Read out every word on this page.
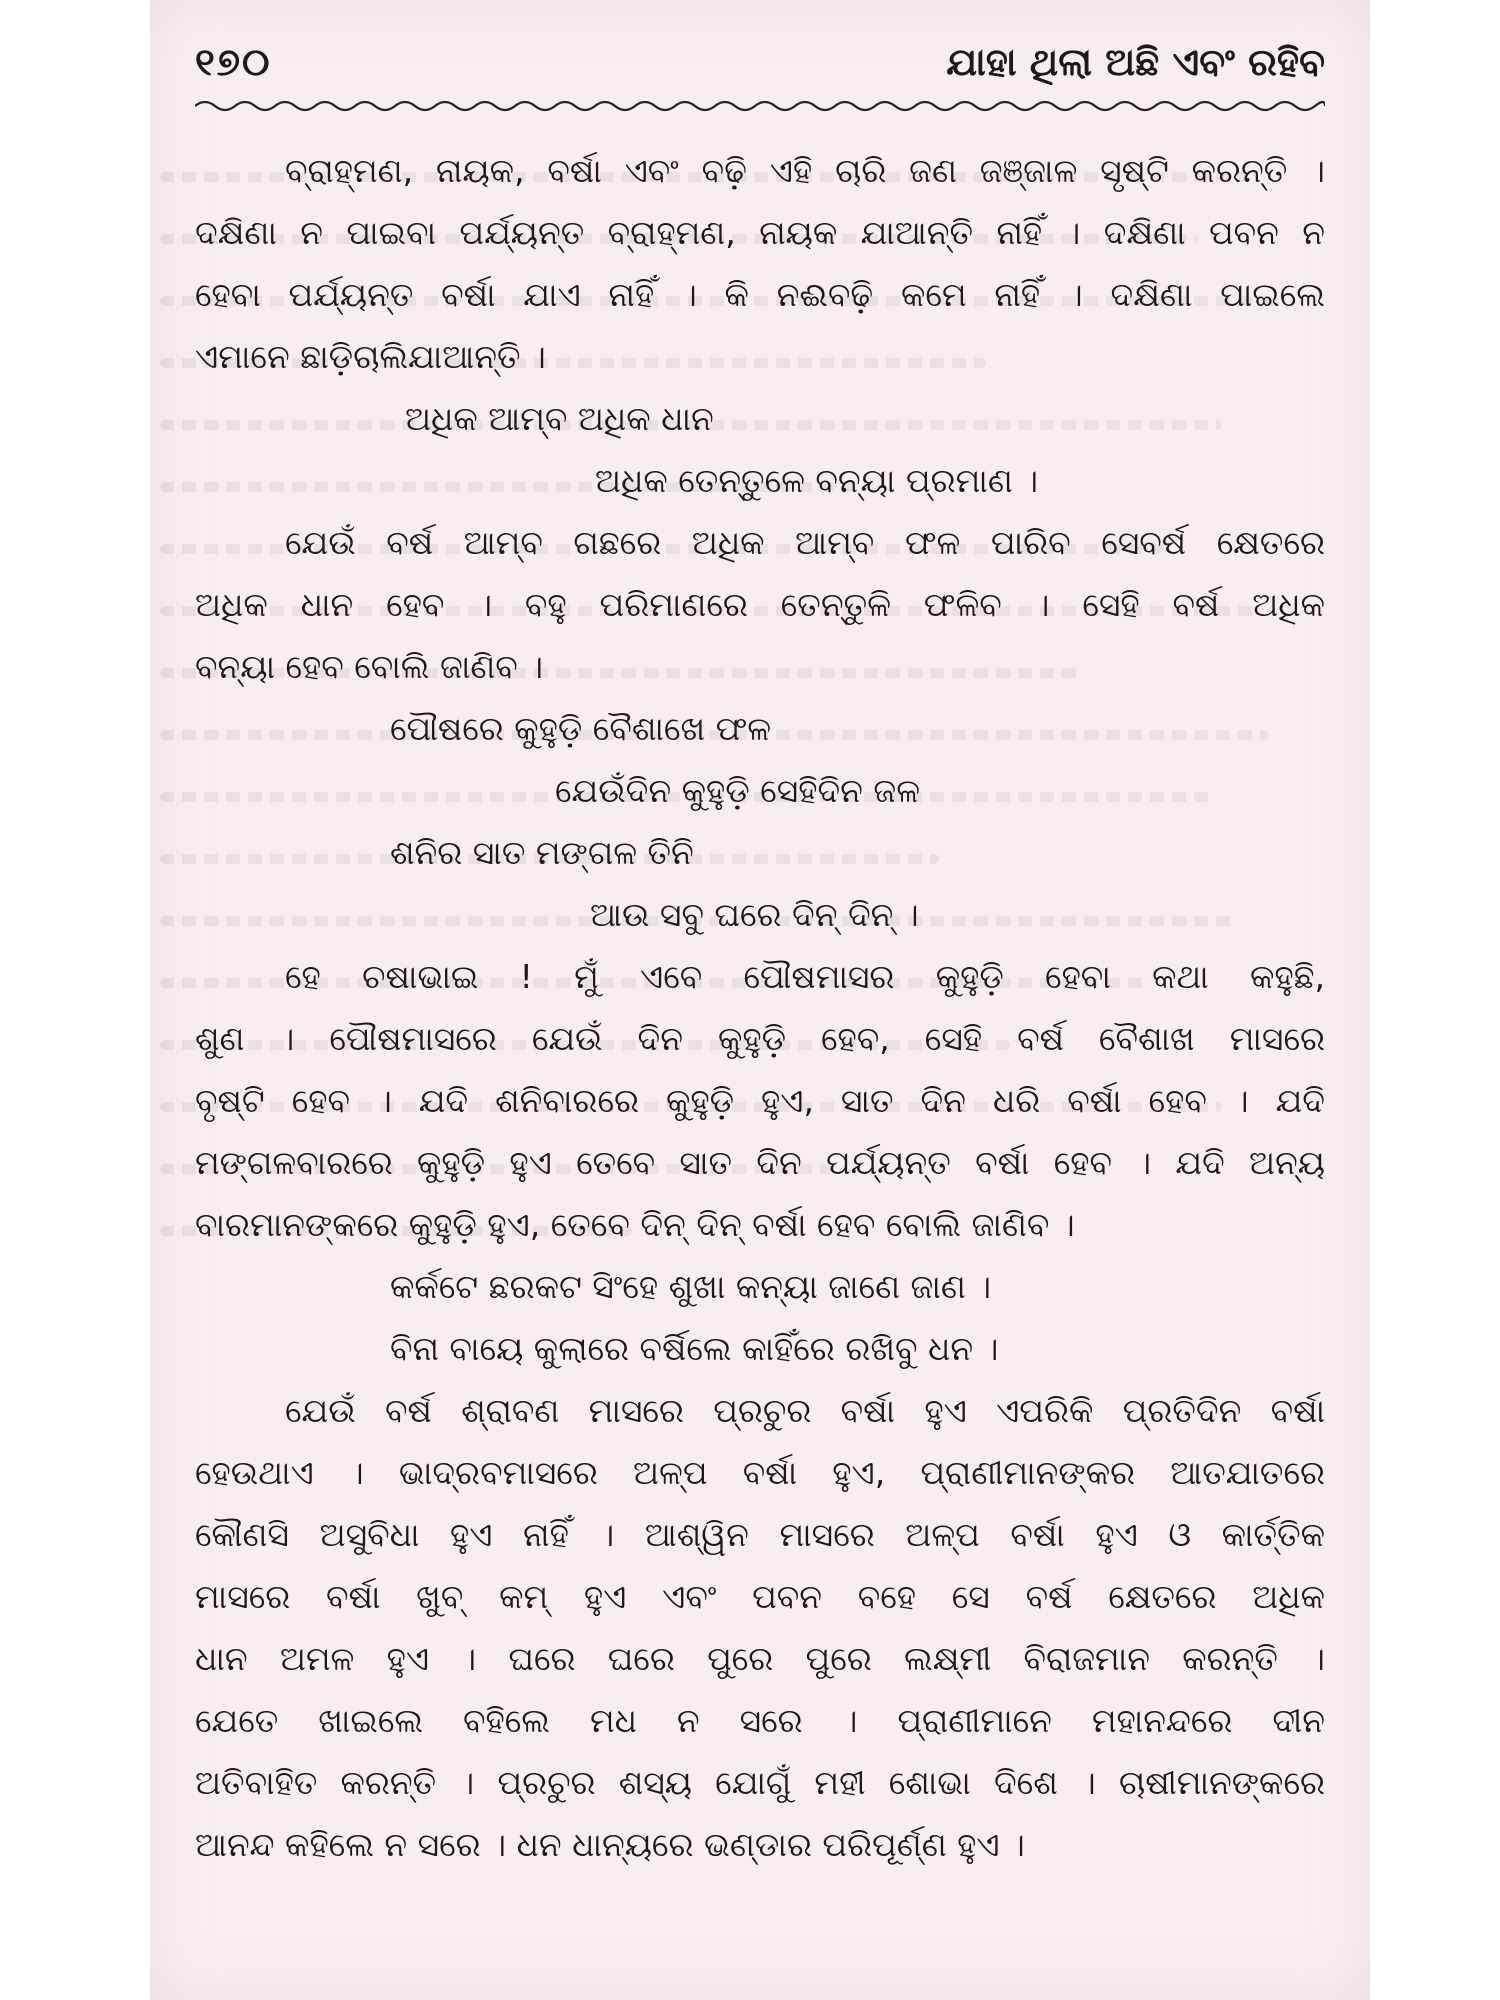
୧୭୦	ଯାହା ଥିଲା ଅଛି ଏବଂ ରହିବ
ବ୍ରାହ୍ମଣ, ନାୟକ, ବର୍ଷା ଏବଂ ବଢ଼ି ଏହି ଚାରି ଜଣ ଜଞ୍ଜାଳ ସୃଷ୍ଟି କରନ୍ତି ।
ଦକ୍ଷିଣା ନ ପାଇବା ପର୍ଯ୍ୟନ୍ତ ବ୍ରାହ୍ମଣ, ନାୟକ ଯାଆନ୍ତି ନାହିଁ । ଦକ୍ଷିଣା ପବନ ନ
ହେବା ପର୍ଯ୍ୟନ୍ତ ବର୍ଷା ଯାଏ ନାହିଁ । କି ନଈବଢ଼ି କମେ ନାହିଁ । ଦକ୍ଷିଣା ପାଇଲେ
ଏମାନେ ଛାଡ଼ିଚାଲିଯାଆନ୍ତି ।
ଅଧିକ ଆମ୍ବ ଅଧିକ ଧାନ
ଅଧିକ ତେନ୍ତୁଳେ ବନ୍ୟା ପ୍ରମାଣ ।
ଯେଉଁ ବର୍ଷ ଆମ୍ବ ଗଛରେ ଅଧିକ ଆମ୍ବ ଫଳ ପାରିବ ସେବର୍ଷ କ୍ଷେତରେ
ଅଧିକ ଧାନ ହେବ । ବହୁ ପରିମାଣରେ ତେନ୍ତୁଳି ଫଳିବ । ସେହି ବର୍ଷ ଅଧିକ
ବନ୍ୟା ହେବ ବୋଲି ଜାଣିବ ।
ପୌଷରେ କୁହୁଡ଼ି ବୈଶାଖେ ଫଳ
ଯେଉଁଦିନ କୁହୁଡ଼ି ସେହିଦିନ ଜଳ
ଶନିର ସାତ ମଙ୍ଗଳ ତିନି
ଆଉ ସବୁ ଘରେ ଦିନ୍ ଦିନ୍ ।
ହେ ଚଷାଭାଇ ! ମୁଁ ଏବେ ପୌଷମାସର କୁହୁଡ଼ି ହେବା କଥା କହୁଛି,
ଶୁଣ । ପୌଷମାସରେ ଯେଉଁ ଦିନ କୁହୁଡ଼ି ହେବ, ସେହି ବର୍ଷ ବୈଶାଖ ମାସରେ
ବୃଷ୍ଟି ହେବ । ଯଦି ଶନିବାରରେ କୁହୁଡ଼ି ହୁଏ, ସାତ ଦିନ ଧରି ବର୍ଷା ହେବ । ଯଦି
ମଙ୍ଗଳବାରରେ କୁହୁଡ଼ି ହୁଏ ତେବେ ସାତ ଦିନ ପର୍ଯ୍ୟନ୍ତ ବର୍ଷା ହେବ । ଯଦି ଅନ୍ୟ
ବାରମାନଙ୍କରେ କୁହୁଡ଼ି ହୁଏ, ତେବେ ଦିନ୍ ଦିନ୍ ବର୍ଷା ହେବ ବୋଲି ଜାଣିବ ।
କର୍କଟେ ଛରକଟ ସିଂହେ ଶୁଖା କନ୍ୟା ଜାଣେ ଜାଣ ।
ବିନା ବାୟେ କୁଲାରେ ବର୍ଷିଲେ କାହିଁରେ ରଖିବୁ ଧନ ।
ଯେଉଁ ବର୍ଷ ଶ୍ରାବଣ ମାସରେ ପ୍ରଚୁର ବର୍ଷା ହୁଏ ଏପରିକି ପ୍ରତିଦିନ ବର୍ଷା
ହେଉଥାଏ । ଭାଦ୍ରବମାସରେ ଅଳ୍ପ ବର୍ଷା ହୁଏ, ପ୍ରାଣୀମାନଙ୍କର ଆତଯାତରେ
କୌଣସି ଅସୁବିଧା ହୁଏ ନାହିଁ । ଆଶ୍ୱିନ ମାସରେ ଅଳ୍ପ ବର୍ଷା ହୁଏ ଓ କାର୍ତ୍ତିକ
ମାସରେ ବର୍ଷା ଖୁବ୍ କମ୍ ହୁଏ ଏବଂ ପବନ ବହେ ସେ ବର୍ଷ କ୍ଷେତରେ ଅଧିକ
ଧାନ ଅମଳ ହୁଏ । ଘରେ ଘରେ ପୁରେ ପୁରେ ଲକ୍ଷ୍ମୀ ବିରାଜମାନ କରନ୍ତି ।
ଯେତେ ଖାଇଲେ ବହିଲେ ମଧ ନ ସରେ । ପ୍ରାଣୀମାନେ ମହାନନ୍ଦରେ ଦୀନ
ଅତିବାହିତ କରନ୍ତି । ପ୍ରଚୁର ଶସ୍ୟ ଯୋଗୁଁ ମହୀ ଶୋଭା ଦିଶେ । ଚାଷୀମାନଙ୍କରେ
ଆନନ୍ଦ କହିଲେ ନ ସରେ । ଧନ ଧାନ୍ୟରେ ଭଣ୍ଡାର ପରିପୂର୍ଣ୍ଣ ହୁଏ ।
